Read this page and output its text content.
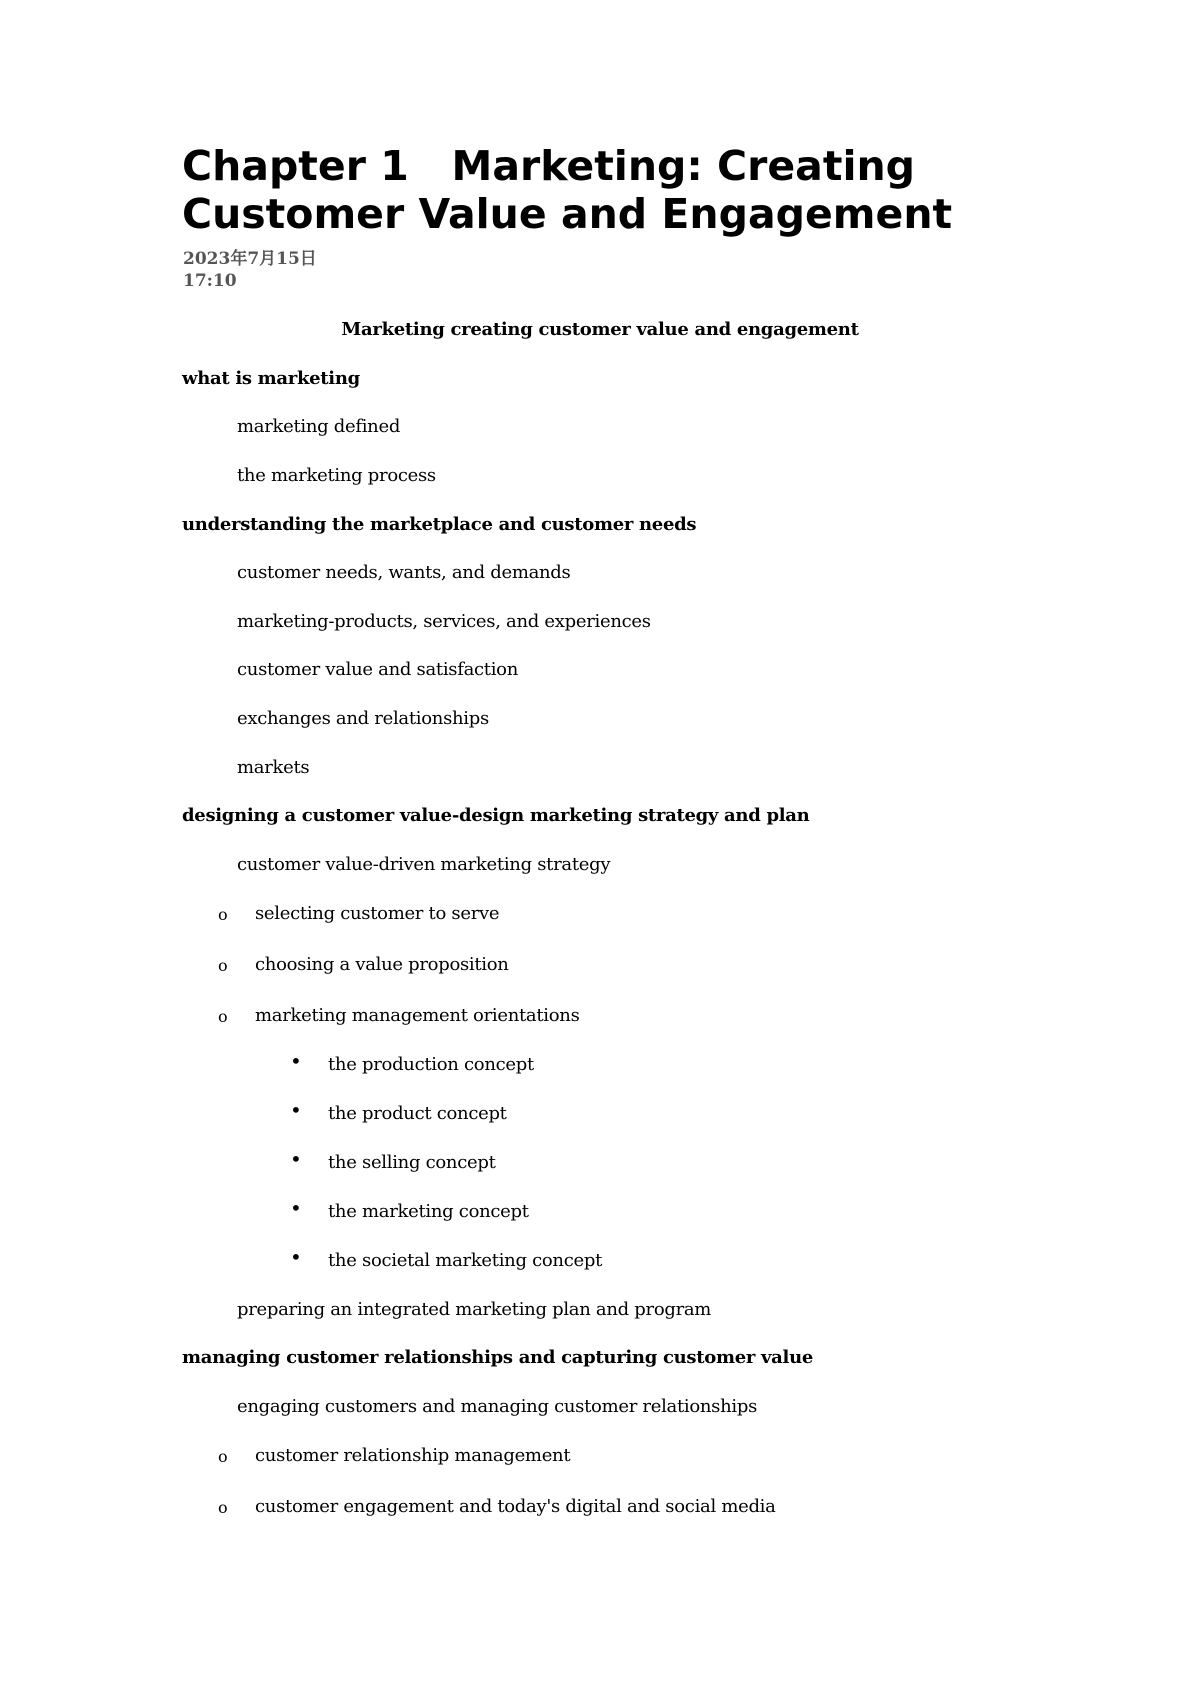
Chapter 1   Marketing: Creating
Customer Value and Engagement
2023年7月15日
17:10
Marketing creating customer value and engagement
what is marketing
marketing defined
the marketing process
understanding the marketplace and customer needs
customer needs, wants, and demands
marketing-products, services, and experiences
customer value and satisfaction
exchanges and relationships
markets
designing a customer value-design marketing strategy and plan
customer value-driven marketing strategy
o selecting customer to serve
o choosing a value proposition
o marketing management orientations
• the production concept
• the product concept
• the selling concept
• the marketing concept
• the societal marketing concept
preparing an integrated marketing plan and program
managing customer relationships and capturing customer value
engaging customers and managing customer relationships
o customer relationship management
o customer engagement and today's digital and social media
